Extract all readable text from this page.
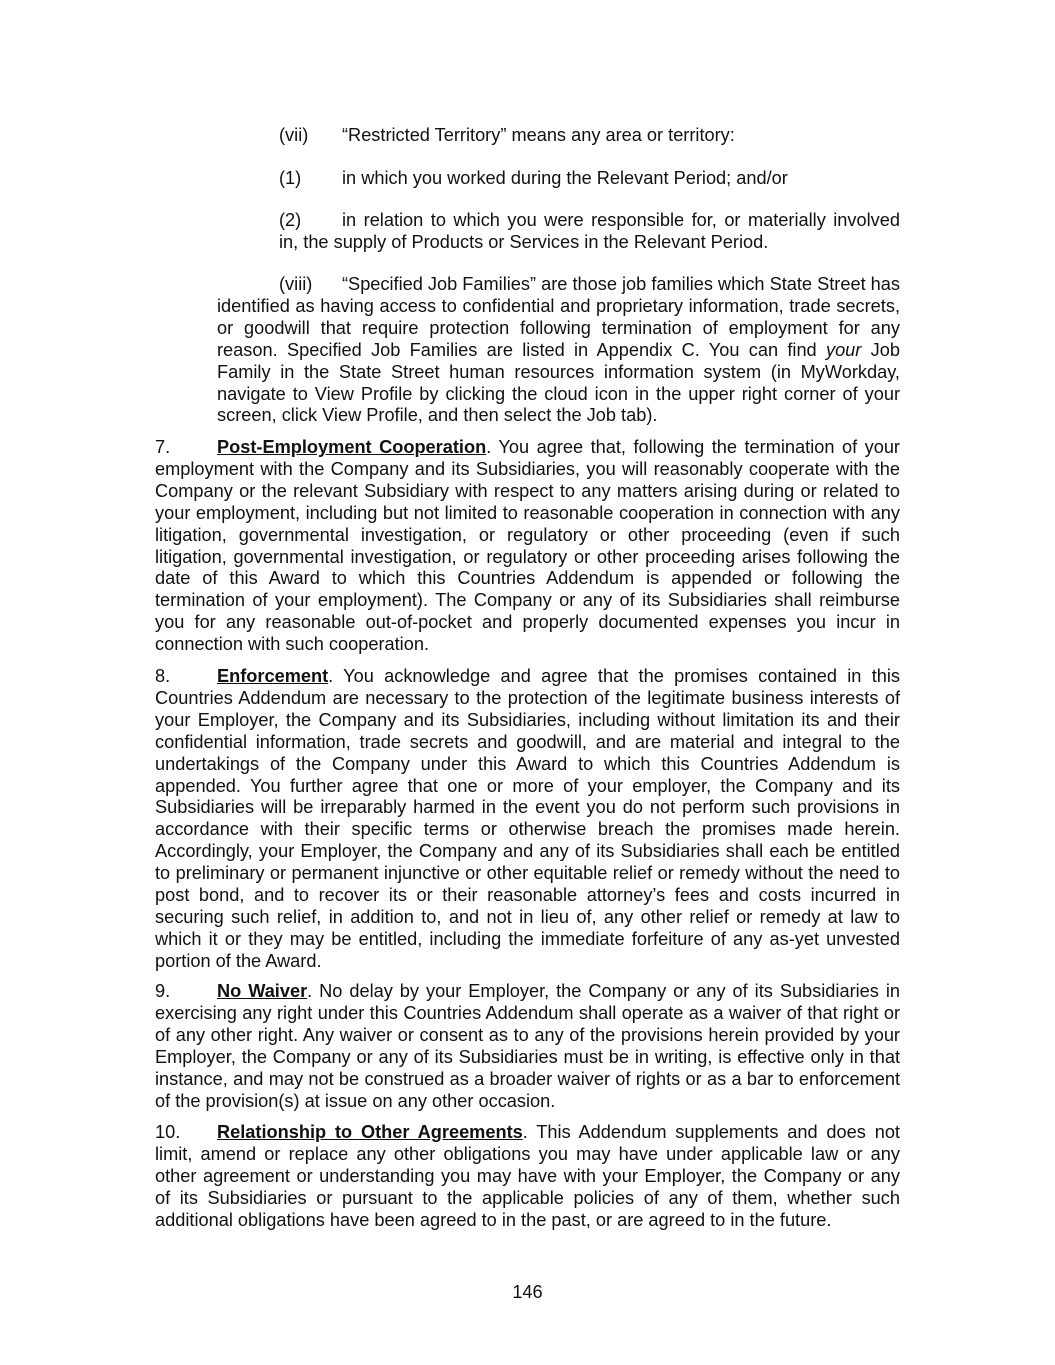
(vii) “Restricted Territory” means any area or territory:

(1) in which you worked during the Relevant Period; and/or

(2) in relation to which you were responsible for, or materially involved in, the supply of Products or Services in the Relevant Period.

(viii) “Specified Job Families” are those job families which State Street has identified as having access to confidential and proprietary information, trade secrets, or goodwill that require protection following termination of employment for any reason. Specified Job Families are listed in Appendix C. You can find your Job Family in the State Street human resources information system (in MyWorkday, navigate to View Profile by clicking the cloud icon in the upper right corner of your screen, click View Profile, and then select the Job tab).

7.	Post-Employment Cooperation. You agree that, following the termination of your employment with the Company and its Subsidiaries, you will reasonably cooperate with the Company or the relevant Subsidiary with respect to any matters arising during or related to your employment, including but not limited to reasonable cooperation in connection with any litigation, governmental investigation, or regulatory or other proceeding (even if such litigation, governmental investigation, or regulatory or other proceeding arises following the date of this Award to which this Countries Addendum is appended or following the termination of your employment). The Company or any of its Subsidiaries shall reimburse you for any reasonable out-of-pocket and properly documented expenses you incur in connection with such cooperation.

8.	Enforcement. You acknowledge and agree that the promises contained in this Countries Addendum are necessary to the protection of the legitimate business interests of your Employer, the Company and its Subsidiaries, including without limitation its and their confidential information, trade secrets and goodwill, and are material and integral to the undertakings of the Company under this Award to which this Countries Addendum is appended. You further agree that one or more of your employer, the Company and its Subsidiaries will be irreparably harmed in the event you do not perform such provisions in accordance with their specific terms or otherwise breach the promises made herein. Accordingly, your Employer, the Company and any of its Subsidiaries shall each be entitled to preliminary or permanent injunctive or other equitable relief or remedy without the need to post bond, and to recover its or their reasonable attorney’s fees and costs incurred in securing such relief, in addition to, and not in lieu of, any other relief or remedy at law to which it or they may be entitled, including the immediate forfeiture of any as-yet unvested portion of the Award.

9.	No Waiver. No delay by your Employer, the Company or any of its Subsidiaries in exercising any right under this Countries Addendum shall operate as a waiver of that right or of any other right. Any waiver or consent as to any of the provisions herein provided by your Employer, the Company or any of its Subsidiaries must be in writing, is effective only in that instance, and may not be construed as a broader waiver of rights or as a bar to enforcement of the provision(s) at issue on any other occasion.

10. Relationship to Other Agreements. This Addendum supplements and does not limit, amend or replace any other obligations you may have under applicable law or any other agreement or understanding you may have with your Employer, the Company or any of its Subsidiaries or pursuant to the applicable policies of any of them, whether such additional obligations have been agreed to in the past, or are agreed to in the future.

146
